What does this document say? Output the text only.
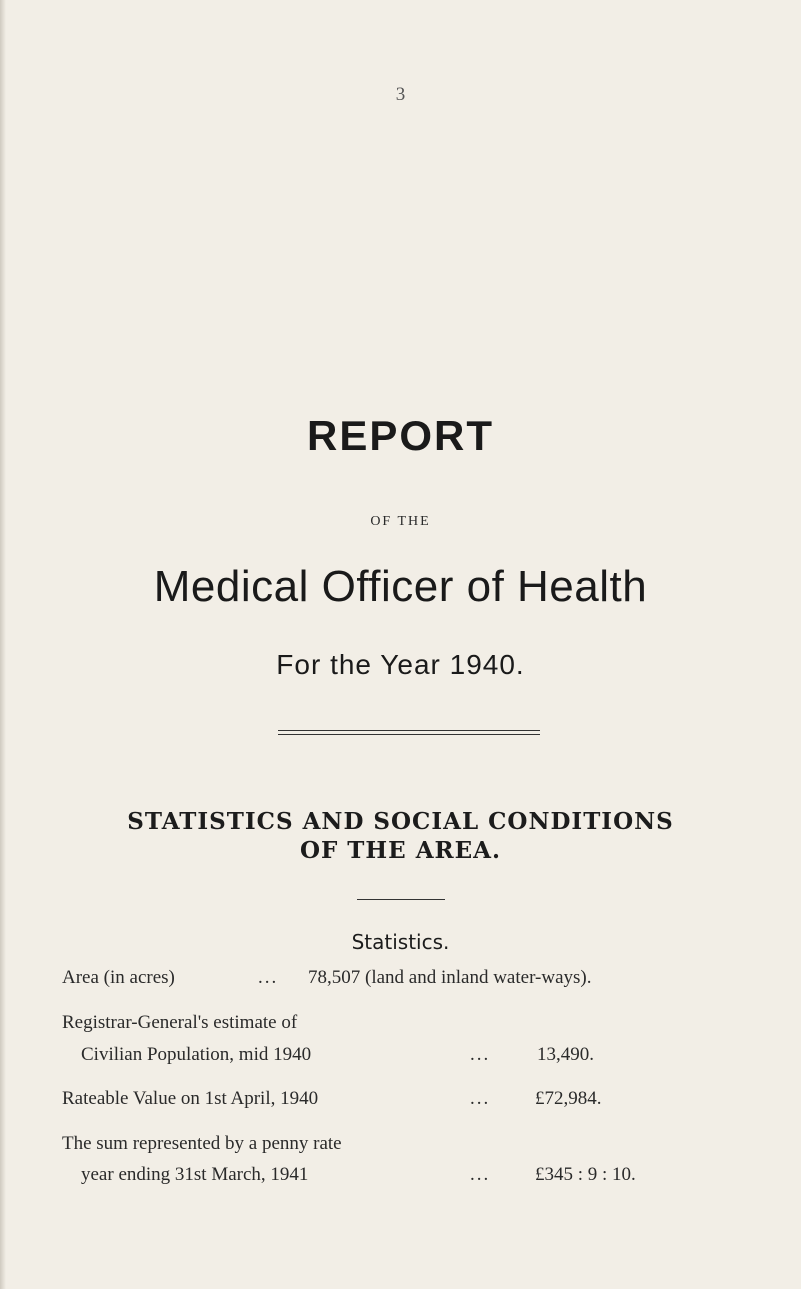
3
REPORT
OF THE
Medical Officer of Health
For the Year 1940.
STATISTICS AND SOCIAL CONDITIONS
OF THE AREA.
Statistics.
Area (in acres)	... 78,507 (land and inland water-ways).
Registrar-General's estimate of
Civilian Population, mid 1940	... 13,490.
Rateable Value on 1st April, 1940	... £72,984.
The sum represented by a penny rate
year ending 31st March, 1941	... £345 : 9 : 10.
